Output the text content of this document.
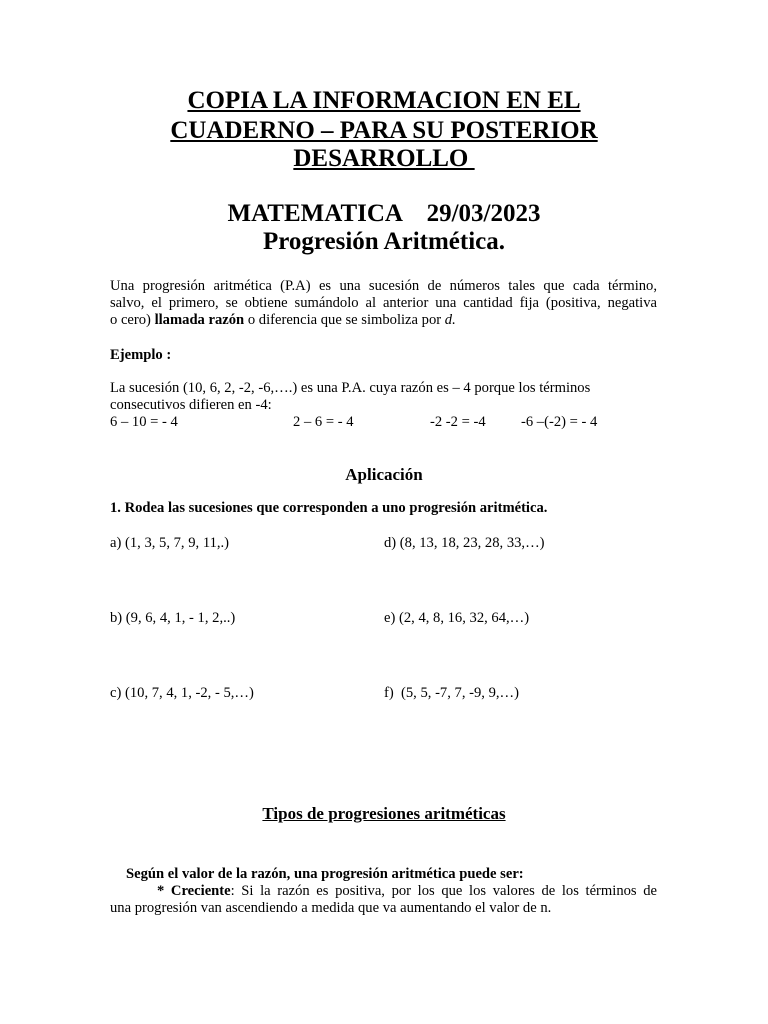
COPIA LA INFORMACION EN EL
CUADERNO – PARA SU POSTERIOR
DESARROLLO
MATEMATICA    29/03/2023
Progresión Aritmética.
Una progresión aritmética (P.A) es una sucesión de números tales que cada término,
salvo, el primero, se obtiene sumándolo al anterior una cantidad fija (positiva, negativa
o cero) llamada razón o diferencia que se simboliza por d.
Ejemplo :
La sucesión (10, 6, 2, -2, -6,….) es una P.A. cuya razón es – 4 porque los términos
consecutivos difieren en -4:
6 – 10 = - 4	2 – 6 = - 4	-2 -2 = -4 -6 –(-2) = - 4
Aplicación
1. Rodea las sucesiones que corresponden a uno progresión aritmética.
a) (1, 3, 5, 7, 9, 11,.)	d) (8, 13, 18, 23, 28, 33,…)
b) (9, 6, 4, 1, - 1, 2,..)	e) (2, 4, 8, 16, 32, 64,…)
c) (10, 7, 4, 1, -2, - 5,…)	f)  (5, 5, -7, 7, -9, 9,…)
Tipos de progresiones aritméticas
Según el valor de la razón, una progresión aritmética puede ser:
* Creciente: Si la razón es positiva, por los que los valores de los términos de
una progresión van ascendiendo a medida que va aumentando el valor de n.
